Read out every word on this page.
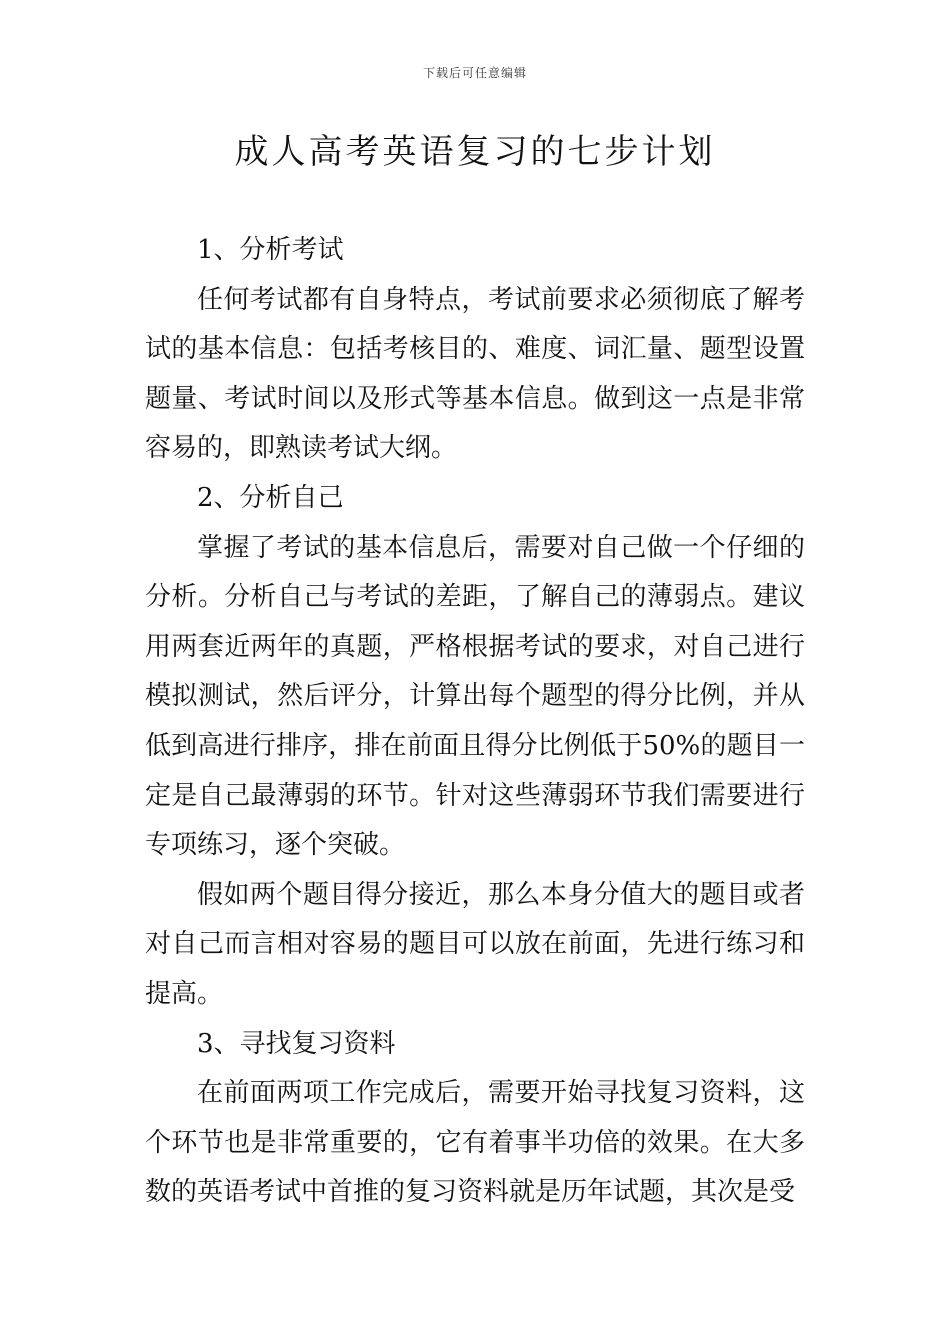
下载后可任意编辑
成人高考英语复习的七步计划

1、分析考试

任何考试都有自身特点，考试前要求必须彻底了解考试的基本信息：包括考核目的、难度、词汇量、题型设置题量、考试时间以及形式等基本信息。做到这一点是非常容易的，即熟读考试大纲。

2、分析自己

掌握了考试的基本信息后，需要对自己做一个仔细的分析。分析自己与考试的差距，了解自己的薄弱点。建议用两套近两年的真题，严格根据考试的要求，对自己进行模拟测试，然后评分，计算出每个题型的得分比例，并从低到高进行排序，排在前面且得分比例低于50%的题目一定是自己最薄弱的环节。针对这些薄弱环节我们需要进行专项练习，逐个突破。

假如两个题目得分接近，那么本身分值大的题目或者对自己而言相对容易的题目可以放在前面，先进行练习和提高。

3、寻找复习资料

在前面两项工作完成后，需要开始寻找复习资料，这个环节也是非常重要的，它有着事半功倍的效果。在大多数的英语考试中首推的复习资料就是历年试题，其次是受
